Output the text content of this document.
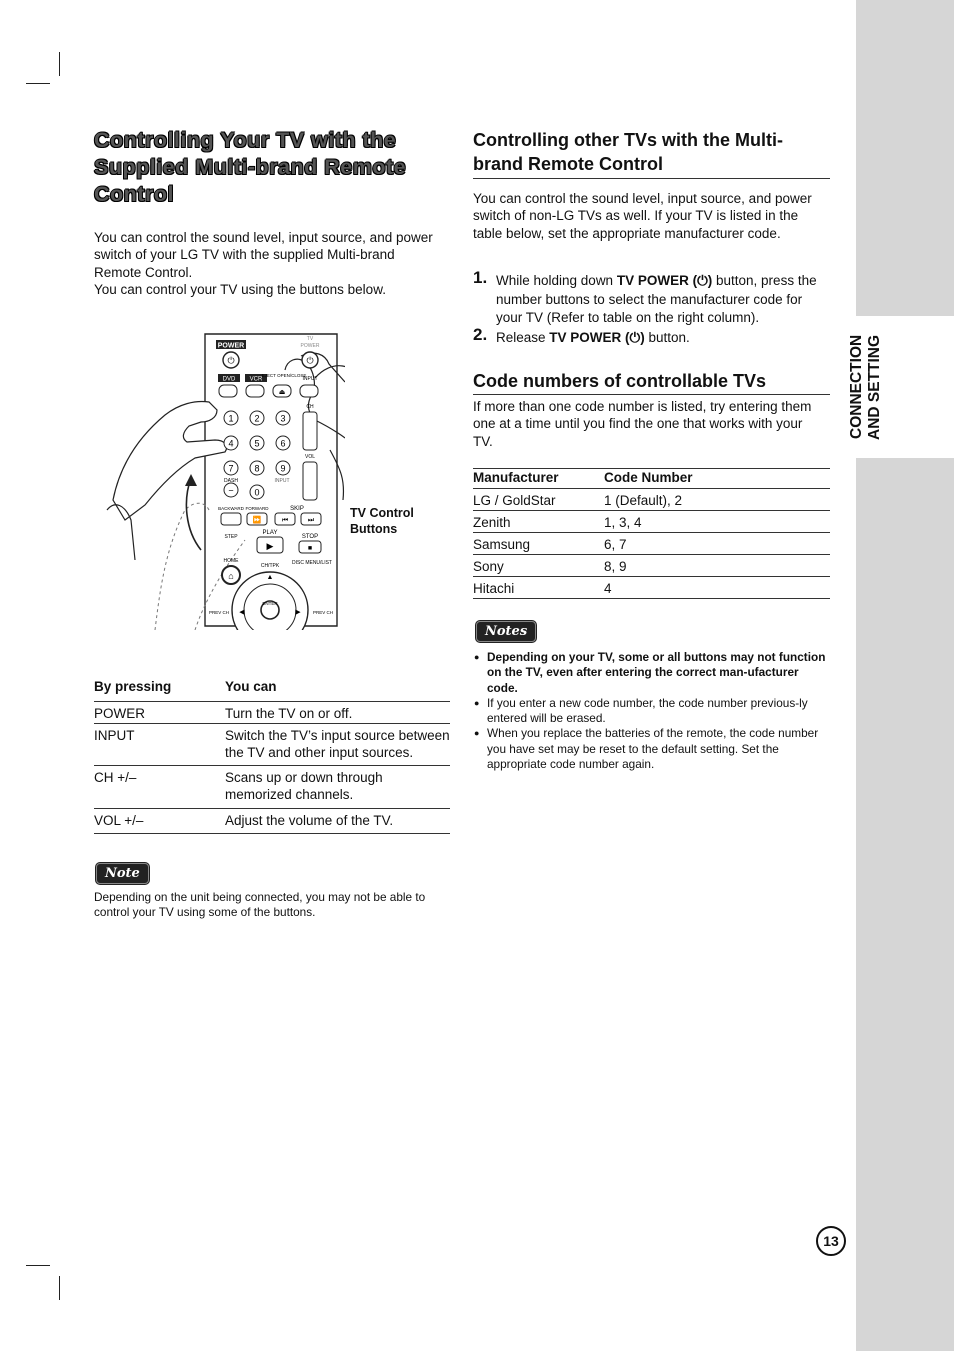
CONNECTION AND SETTING
Controlling Your TV with the Supplied Multi-brand Remote Control
You can control the sound level, input source, and power switch of your LG TV with the supplied Multi-brand Remote Control.
You can control your TV using the buttons below.
POWER
TV
POWER
⏻	⏻
DVD VCR
EJECT OPEN/CLOSE
INPUT
⏏
1 2 3
4 5 6
7 8 9
− 0
CH
VOL
DASH	INPUT
BACKWARD FORWARD	SKIP
⏩	⏮	⏭
STEP
PLAY
STOP
▶	■
HOME
CH/TPK	DISC MENU/LIST
⌂
ENTER
▲
◀	▶
PREV CH	PREV CH
TV Control Buttons
By pressing	You can
POWER	Turn the TV on or off.
INPUT	Switch the TV’s input source between the TV and other input sources.
CH +/–	Scans up or down through memorized channels.
VOL +/–	Adjust the volume of the TV.
Note
Depending on the unit being connected, you may not be able to control your TV using some of the buttons.
Controlling other TVs with the Multi-brand Remote Control
You can control the sound level, input source, and power switch of non-LG TVs as well. If your TV is listed in the table below, set the appropriate manufacturer code.
1. While holding down TV POWER (⏻) button, press the number buttons to select the manufacturer code for your TV (Refer to table on the right column).
2. Release TV POWER (⏻) button.
Code numbers of controllable TVs
If more than one code number is listed, try entering them one at a time until you find the one that works with your TV.
Manufacturer	Code Number
LG / GoldStar	1 (Default), 2
Zenith	1, 3, 4
Samsung	6, 7
Sony	8, 9
Hitachi	4
Notes
● Depending on your TV, some or all buttons may not function on the TV, even after entering the correct man-ufacturer code.
● If you enter a new code number, the code number previous-ly entered will be erased.
● When you replace the batteries of the remote, the code number you have set may be reset to the default setting. Set the appropriate code number again.
13
